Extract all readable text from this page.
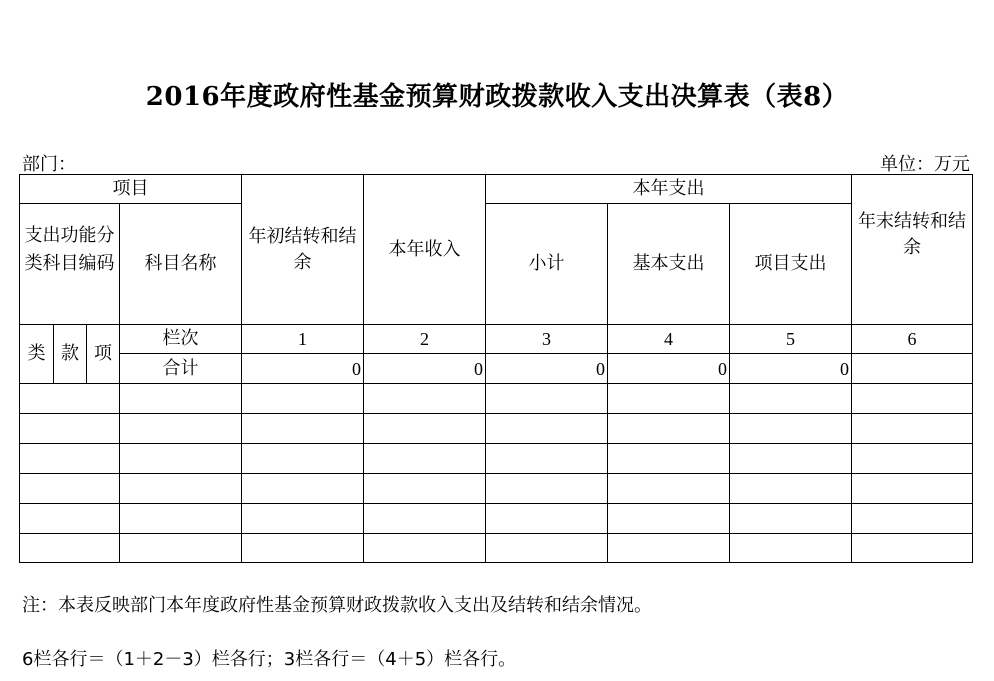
2016年度政府性基金预算财政拨款收入支出决算表（表8）
部门：	单位：万元
项目				年初结转和结余	本年收入	本年支出			年末结转和结余
支出功能分类科目编码			科目名称			小计	基本支出	项目支出	
类	款	项	栏次	1	2	3	4	5	6
			合计	0	0	0	0	0	

注：本表反映部门本年度政府性基金预算财政拨款收入支出及结转和结余情况。
6栏各行＝（1＋2－3）栏各行；3栏各行＝（4＋5）栏各行。
